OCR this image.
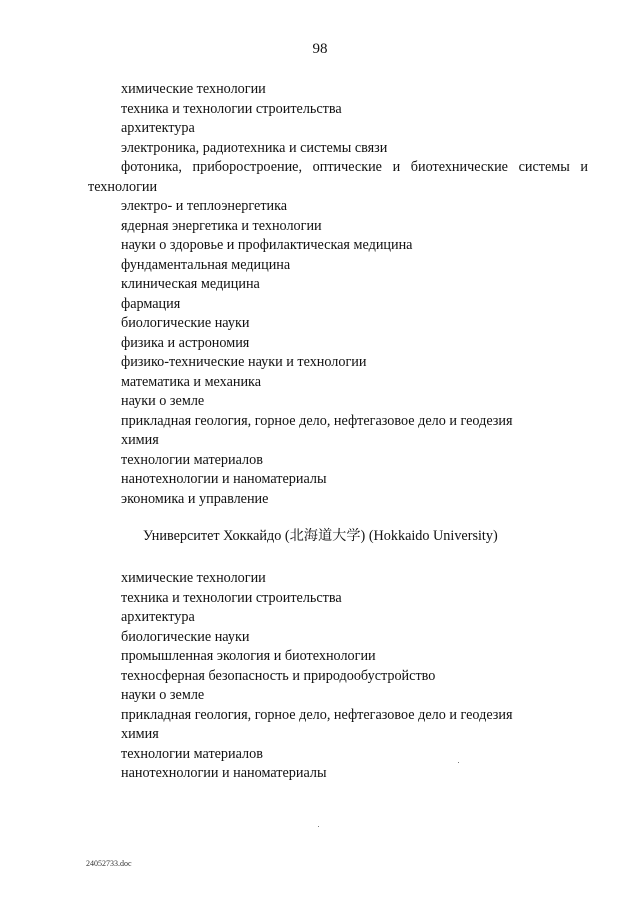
98
химические технологии
техника и технологии строительства
архитектура
электроника, радиотехника и системы связи
фотоника, приборостроение, оптические и биотехнические системы и технологии
электро- и теплоэнергетика
ядерная энергетика и технологии
науки о здоровье и профилактическая медицина
фундаментальная медицина
клиническая медицина
фармация
биологические науки
физика и астрономия
физико-технические науки и технологии
математика и механика
науки о земле
прикладная геология, горное дело, нефтегазовое дело и геодезия
химия
технологии материалов
нанотехнологии и наноматериалы
экономика и управление
Университет Хоккайдо (北海道大学) (Hokkaido University)
химические технологии
техника и технологии строительства
архитектура
биологические науки
промышленная экология и биотехнологии
техносферная безопасность и природообустройство
науки о земле
прикладная геология, горное дело, нефтегазовое дело и геодезия
химия
технологии материалов
нанотехнологии и наноматериалы
24052733.doc
